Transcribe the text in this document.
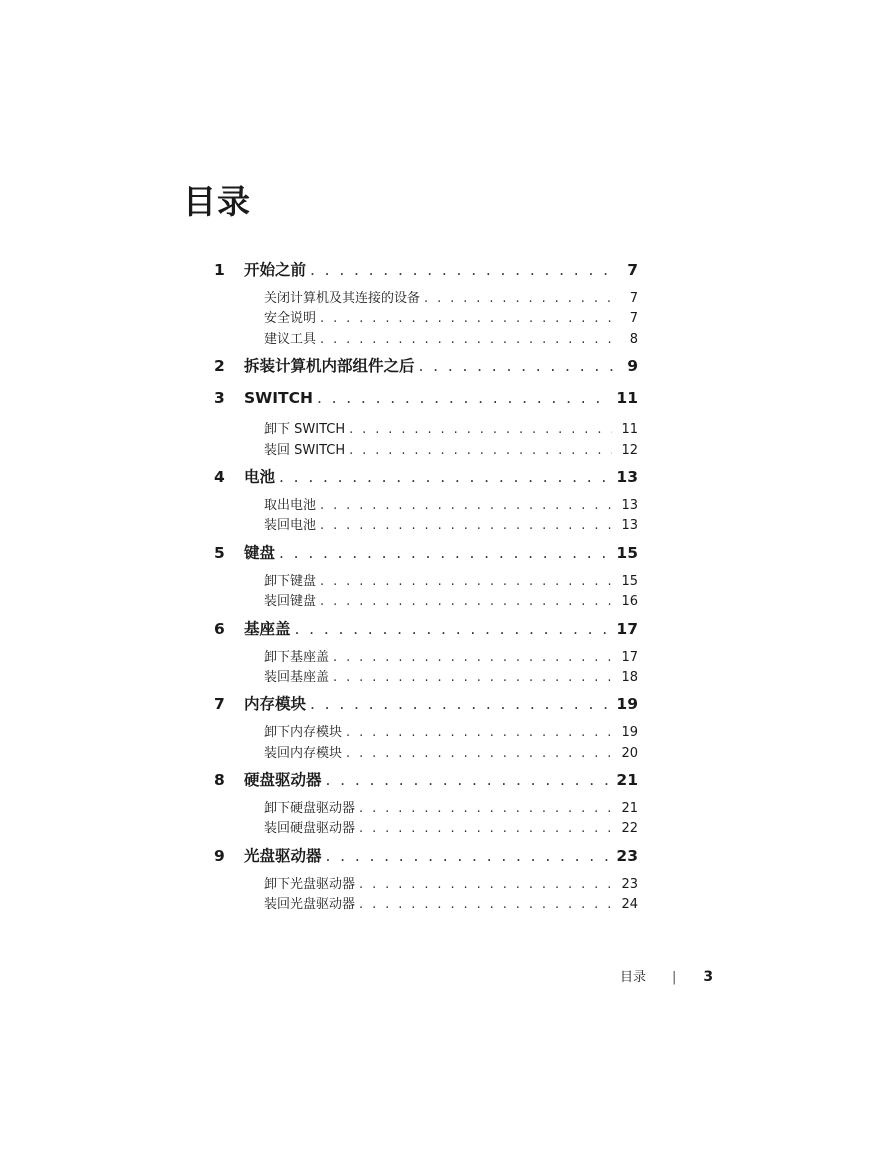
目录
1	开始之前 . . .	7
关闭计算机及其连接的设备 . . .	7
安全说明 . . .	7
建议工具 . . .	8
2	拆装计算机内部组件之后 . . .	9
3	SWITCH . . .	11
卸下 SWITCH . . .	11
装回 SWITCH . . .	12
4	电池 . . .	13
取出电池 . . .	13
装回电池 . . .	13
5	键盘 . . .	15
卸下键盘 . . .	15
装回键盘 . . .	16
6	基座盖 . . .	17
卸下基座盖 . . .	17
装回基座盖 . . .	18
7	内存模块 . . .	19
卸下内存模块 . . .	19
装回内存模块 . . .	20
8	硬盘驱动器 . . .	21
卸下硬盘驱动器 . . .	21
装回硬盘驱动器 . . .	22
9	光盘驱动器 . . .	23
卸下光盘驱动器 . . .	23
装回光盘驱动器 . . .	24
目录 | 3
